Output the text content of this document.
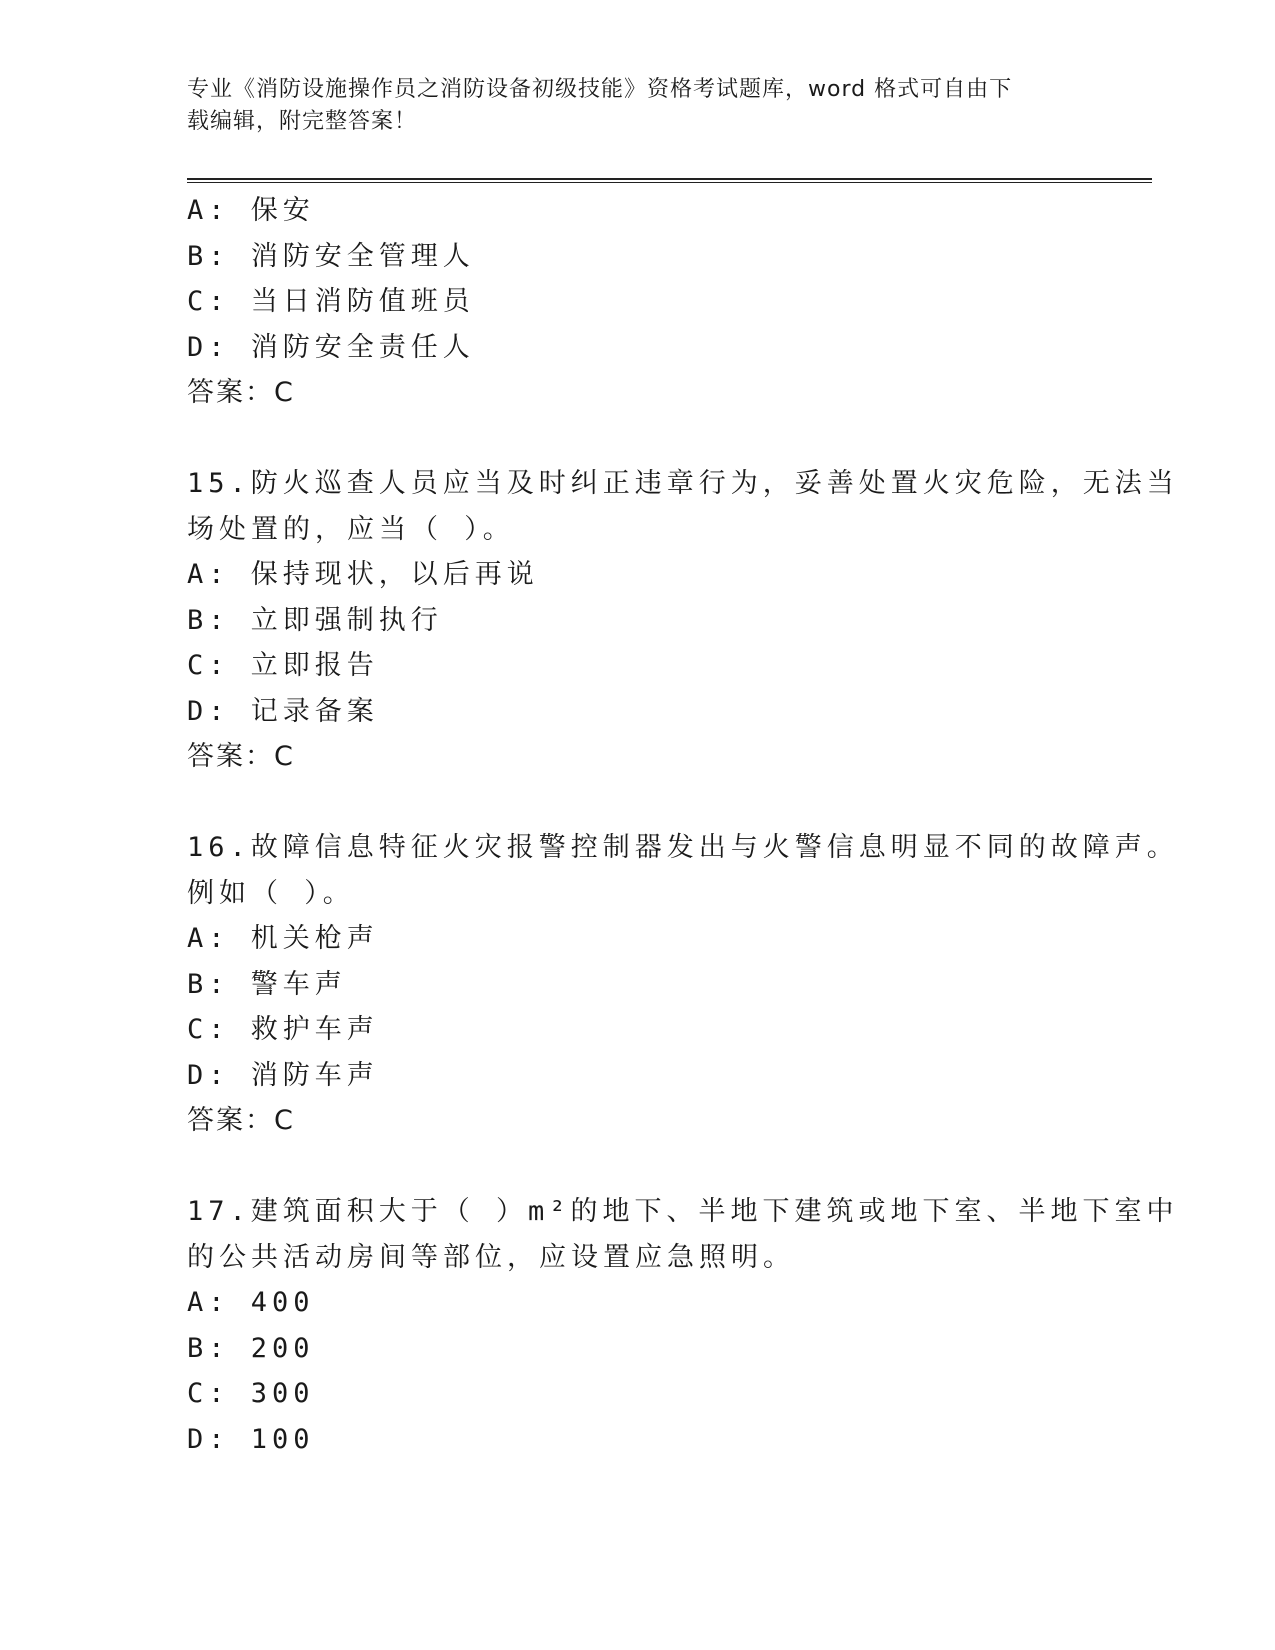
专业《消防设施操作员之消防设备初级技能》资格考试题库，word 格式可自由下
载编辑，附完整答案！
A: 保安
B: 消防安全管理人
C: 当日消防值班员
D: 消防安全责任人
答案：C
15.防火巡查人员应当及时纠正违章行为，妥善处置火灾危险，无法当
场处置的，应当（ ）。
A: 保持现状，以后再说
B: 立即强制执行
C: 立即报告
D: 记录备案
答案：C
16.故障信息特征火灾报警控制器发出与火警信息明显不同的故障声。
例如（ ）。
A: 机关枪声
B: 警车声
C: 救护车声
D: 消防车声
答案：C
17.建筑面积大于（ ）m²的地下、半地下建筑或地下室、半地下室中
的公共活动房间等部位，应设置应急照明。
A: 400
B: 200
C: 300
D: 100
